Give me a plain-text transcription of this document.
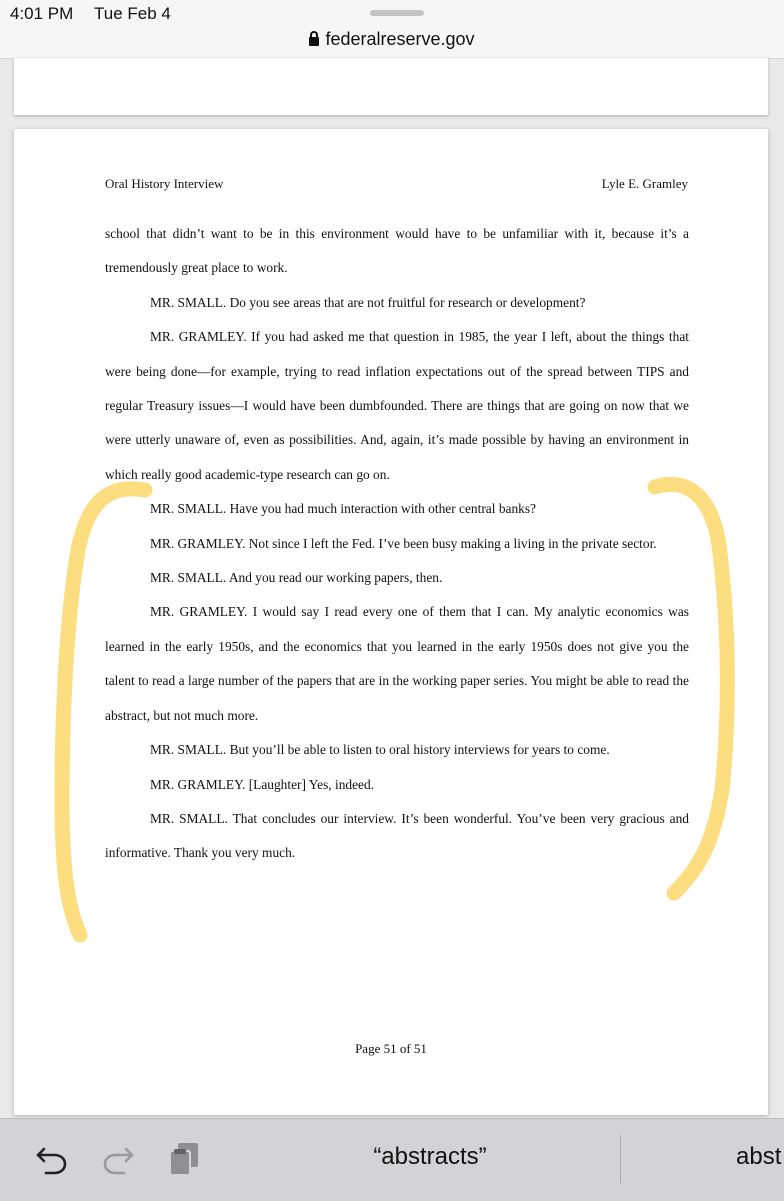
4:01 PM Tue Feb 4
federalreserve.gov
Oral History Interview	Lyle E. Gramley

school that didn’t want to be in this environment would have to be unfamiliar with it, because it’s a tremendously great place to work.

MR. SMALL. Do you see areas that are not fruitful for research or development?

MR. GRAMLEY. If you had asked me that question in 1985, the year I left, about the things that were being done—for example, trying to read inflation expectations out of the spread between TIPS and regular Treasury issues—I would have been dumbfounded. There are things that are going on now that we were utterly unaware of, even as possibilities. And, again, it’s made possible by having an environment in which really good academic-type research can go on.

MR. SMALL. Have you had much interaction with other central banks?

MR. GRAMLEY. Not since I left the Fed. I’ve been busy making a living in the private sector.

MR. SMALL. And you read our working papers, then.

MR. GRAMLEY. I would say I read every one of them that I can. My analytic economics was learned in the early 1950s, and the economics that you learned in the early 1950s does not give you the talent to read a large number of the papers that are in the working paper series. You might be able to read the abstract, but not much more.

MR. SMALL. But you’ll be able to listen to oral history interviews for years to come.

MR. GRAMLEY. [Laughter] Yes, indeed.

MR. SMALL. That concludes our interview. It’s been wonderful. You’ve been very gracious and informative. Thank you very much.

Page 51 of 51
“abstracts”	abst
